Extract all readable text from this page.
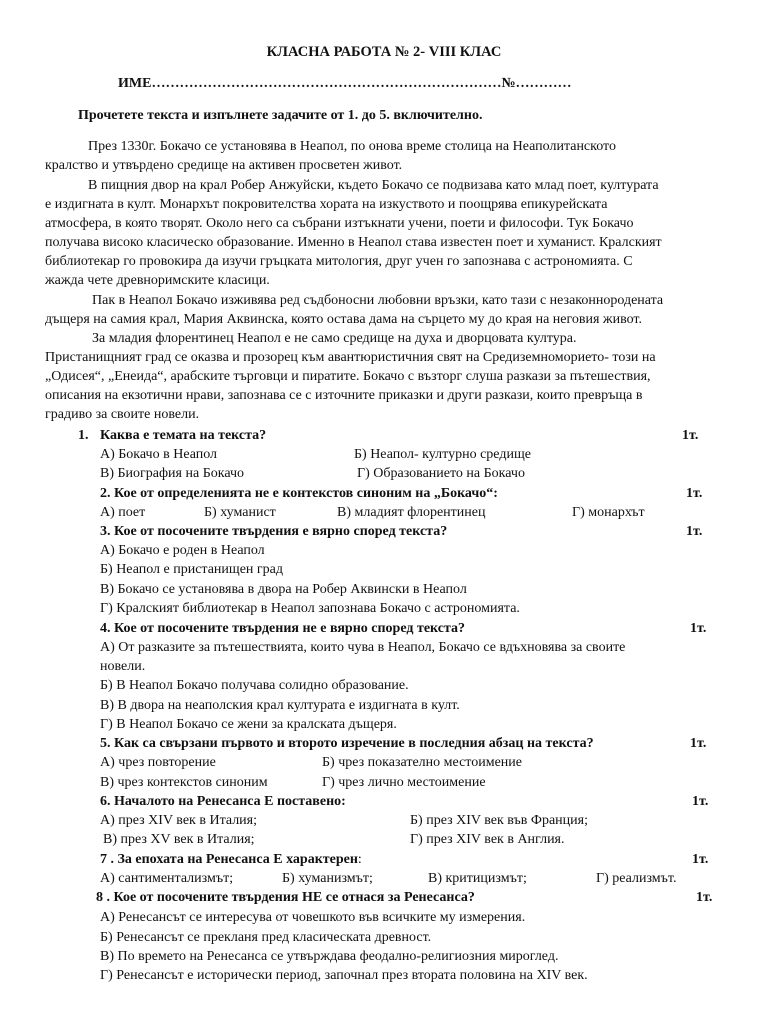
КЛАСНА РАБОТА № 2- VIII КЛАС
ИМЕ…………………………………………………………………№…………
Прочетете текста и изпълнете задачите от 1. до 5. включително.
През 1330г. Бокачо се установява в Неапол, по онова време столица на Неаполитанското
кралство и утвърдено средище на активен просветен живот.
В пищния двор на крал Робер Анжуйски, където Бокачо се подвизава като млад поет, културата
е издигната в култ. Монархът покровителства хората на изкуството и поощрява епикурейската
атмосфера, в която творят. Около него са събрани изтъкнати учени, поети и философи. Тук Бокачо
получава високо класическо образование. Именно в Неапол става известен поет и хуманист. Кралският
библиотекар го провокира да изучи гръцката митология, друг учен го запознава с астрономията. С
жажда чете древноримските класици.
Пак в Неапол Бокачо изживява ред съдбоносни любовни връзки, като тази с незаконнородената
дъщеря на самия крал, Мария Аквинска, която остава дама на сърцето му до края на неговия живот.
За младия флорентинец Неапол е не само средище на духа и дворцовата култура.
Пристанищният град се оказва и прозорец към авантюристичния свят на Средиземноморието- този на
„Одисея“, „Енеида“, арабските търговци и пиратите. Бокачо с възторг слуша разкази за пътешествия,
описания на екзотични нрави, запознава се с източните приказки и други разкази, които превръща в
градиво за своите новели.
1. Каква е темата на текста?	1т.
А) Бокачо в Неапол	Б) Неапол- културно средище
В) Биография на Бокачо	Г) Образованието на Бокачо
2. Кое от определенията не е контекстов синоним на „Бокачо“:	1т.
А) поет	Б) хуманист	В) младият флорентинец	Г) монархът
3. Кое от посочените твърдения е вярно според текста?	1т.
А) Бокачо е роден в Неапол
Б) Неапол е пристанищен град
В) Бокачо се установява в двора на Робер Аквински в Неапол
Г) Кралският библиотекар в Неапол запознава Бокачо с астрономията.
4. Кое от посочените твърдения не е вярно според текста?	1т.
А) От разказите за пътешествията, които чува в Неапол, Бокачо се вдъхновява за своите
новели.
Б) В Неапол Бокачо получава солидно образование.
В) В двора на неаполския крал културата е издигната в култ.
Г) В Неапол Бокачо се жени за кралската дъщеря.
5. Как са свързани първото и второто изречение в последния абзац на текста?	1т.
А) чрез повторение	Б) чрез показателно местоимение
В) чрез контекстов синоним	Г) чрез лично местоимение
6. Началото на Ренесанса Е поставено:	1т.
А) през XIV век в Италия;	Б) през XIV век във Франция;
В) през XV век в Италия;	Г) през XIV век в Англия.
7 . За епохата на Ренесанса Е характерен:	1т.
А) сантиментализмът;	Б) хуманизмът;	В) критицизмът;	Г) реализмът.
8 . Кое от посочените твърдения НЕ се отнася за Ренесанса?	1т.
А) Ренесансът се интересува от човешкото във всичките му измерения.
Б) Ренесансът се прекланя пред класическата древност.
В) По времето на Ренесанса се утвърждава феодално-религиозния мироглед.
Г) Ренесансът е исторически период, започнал през втората половина на XIV век.
